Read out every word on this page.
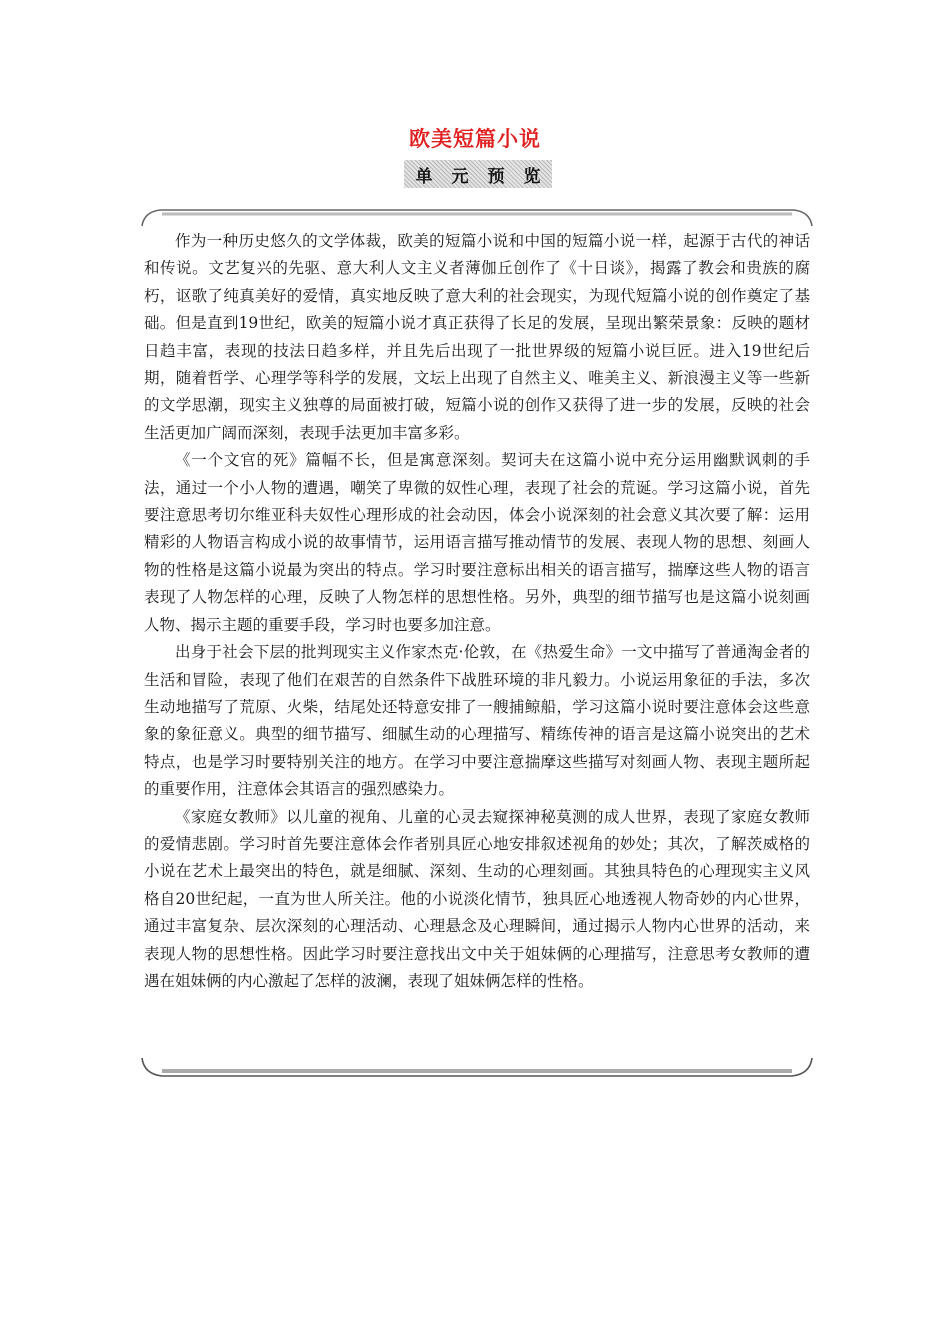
欧美短篇小说
单	元	预	览

作为一种历史悠久的文学体裁，欧美的短篇小说和中国的短篇小说一样，起源于古代的神话和传说。文艺复兴的先驱、意大利人文主义者薄伽丘创作了《十日谈》，揭露了教会和贵族的腐朽，讴歌了纯真美好的爱情，真实地反映了意大利的社会现实，为现代短篇小说的创作奠定了基础。但是直到19世纪，欧美的短篇小说才真正获得了长足的发展，呈现出繁荣景象：反映的题材日趋丰富，表现的技法日趋多样，并且先后出现了一批世界级的短篇小说巨匠。进入19世纪后期，随着哲学、心理学等科学的发展，文坛上出现了自然主义、唯美主义、新浪漫主义等一些新的文学思潮，现实主义独尊的局面被打破，短篇小说的创作又获得了进一步的发展，反映的社会生活更加广阔而深刻，表现手法更加丰富多彩。

《一个文官的死》篇幅不长，但是寓意深刻。契诃夫在这篇小说中充分运用幽默讽刺的手法，通过一个小人物的遭遇，嘲笑了卑微的奴性心理，表现了社会的荒诞。学习这篇小说，首先要注意思考切尔维亚科夫奴性心理形成的社会动因，体会小说深刻的社会意义其次要了解：运用精彩的人物语言构成小说的故事情节，运用语言描写推动情节的发展、表现人物的思想、刻画人物的性格是这篇小说最为突出的特点。学习时要注意标出相关的语言描写，揣摩这些人物的语言表现了人物怎样的心理，反映了人物怎样的思想性格。另外，典型的细节描写也是这篇小说刻画人物、揭示主题的重要手段，学习时也要多加注意。

出身于社会下层的批判现实主义作家杰克·伦敦，在《热爱生命》一文中描写了普通淘金者的生活和冒险，表现了他们在艰苦的自然条件下战胜环境的非凡毅力。小说运用象征的手法，多次生动地描写了荒原、火柴，结尾处还特意安排了一艘捕鲸船，学习这篇小说时要注意体会这些意象的象征意义。典型的细节描写、细腻生动的心理描写、精练传神的语言是这篇小说突出的艺术特点，也是学习时要特别关注的地方。在学习中要注意揣摩这些描写对刻画人物、表现主题所起的重要作用，注意体会其语言的强烈感染力。

《家庭女教师》以儿童的视角、儿童的心灵去窥探神秘莫测的成人世界，表现了家庭女教师的爱情悲剧。学习时首先要注意体会作者别具匠心地安排叙述视角的妙处；其次，了解茨威格的小说在艺术上最突出的特色，就是细腻、深刻、生动的心理刻画。其独具特色的心理现实主义风格自20世纪起，一直为世人所关注。他的小说淡化情节，独具匠心地透视人物奇妙的内心世界，通过丰富复杂、层次深刻的心理活动、心理悬念及心理瞬间，通过揭示人物内心世界的活动，来表现人物的思想性格。因此学习时要注意找出文中关于姐妹俩的心理描写，注意思考女教师的遭遇在姐妹俩的内心激起了怎样的波澜，表现了姐妹俩怎样的性格。
